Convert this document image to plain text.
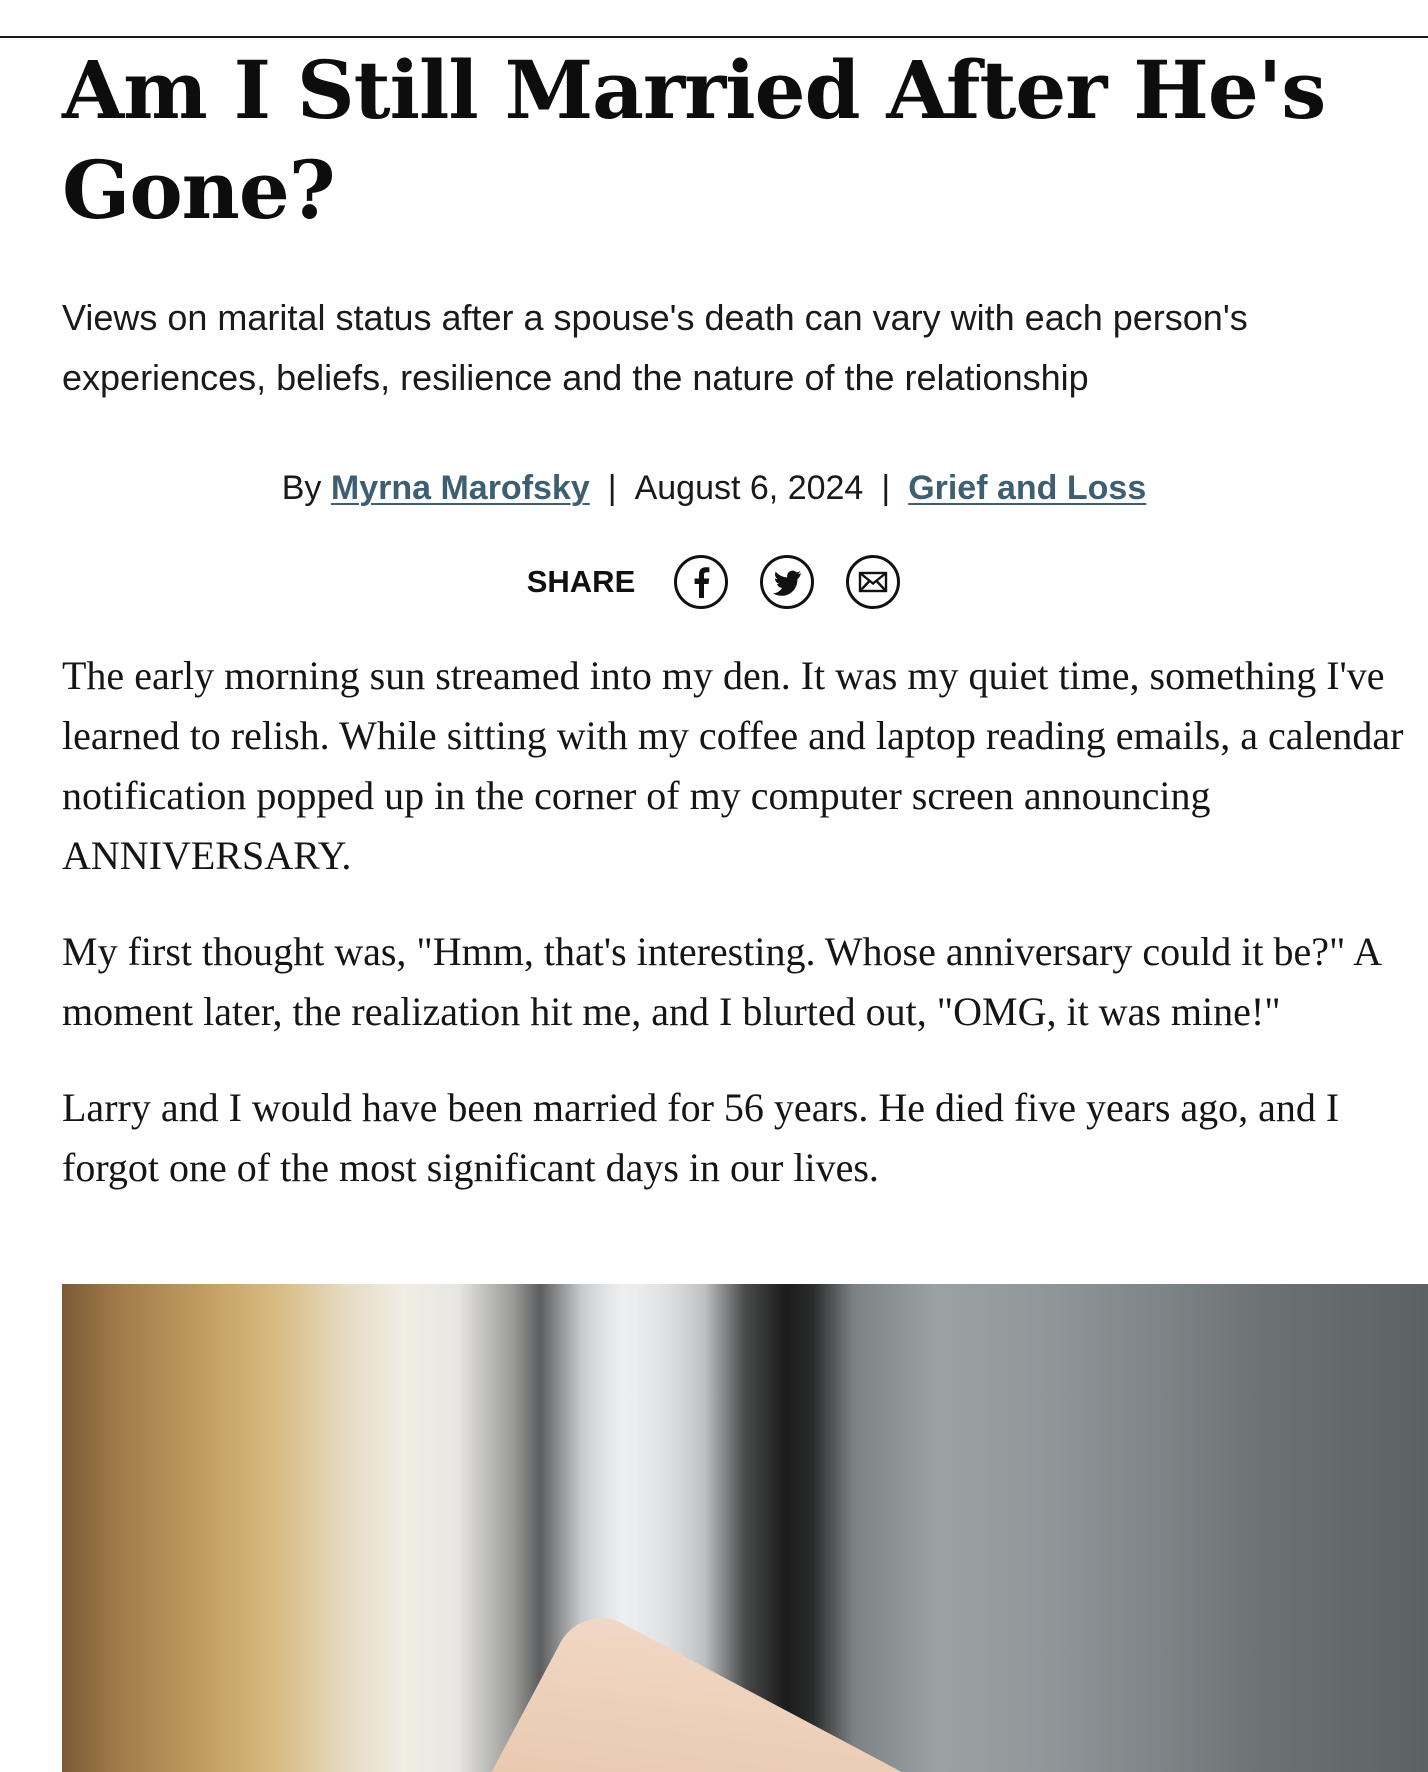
Am I Still Married After He's Gone?
Views on marital status after a spouse's death can vary with each person's experiences, beliefs, resilience and the nature of the relationship
By Myrna Marofsky | August 6, 2024 | Grief and Loss
SHARE

The early morning sun streamed into my den. It was my quiet time, something I've learned to relish. While sitting with my coffee and laptop reading emails, a calendar notification popped up in the corner of my computer screen announcing ANNIVERSARY.

My first thought was, "Hmm, that's interesting. Whose anniversary could it be?" A moment later, the realization hit me, and I blurted out, "OMG, it was mine!"

Larry and I would have been married for 56 years. He died five years ago, and I forgot one of the most significant days in our lives.
